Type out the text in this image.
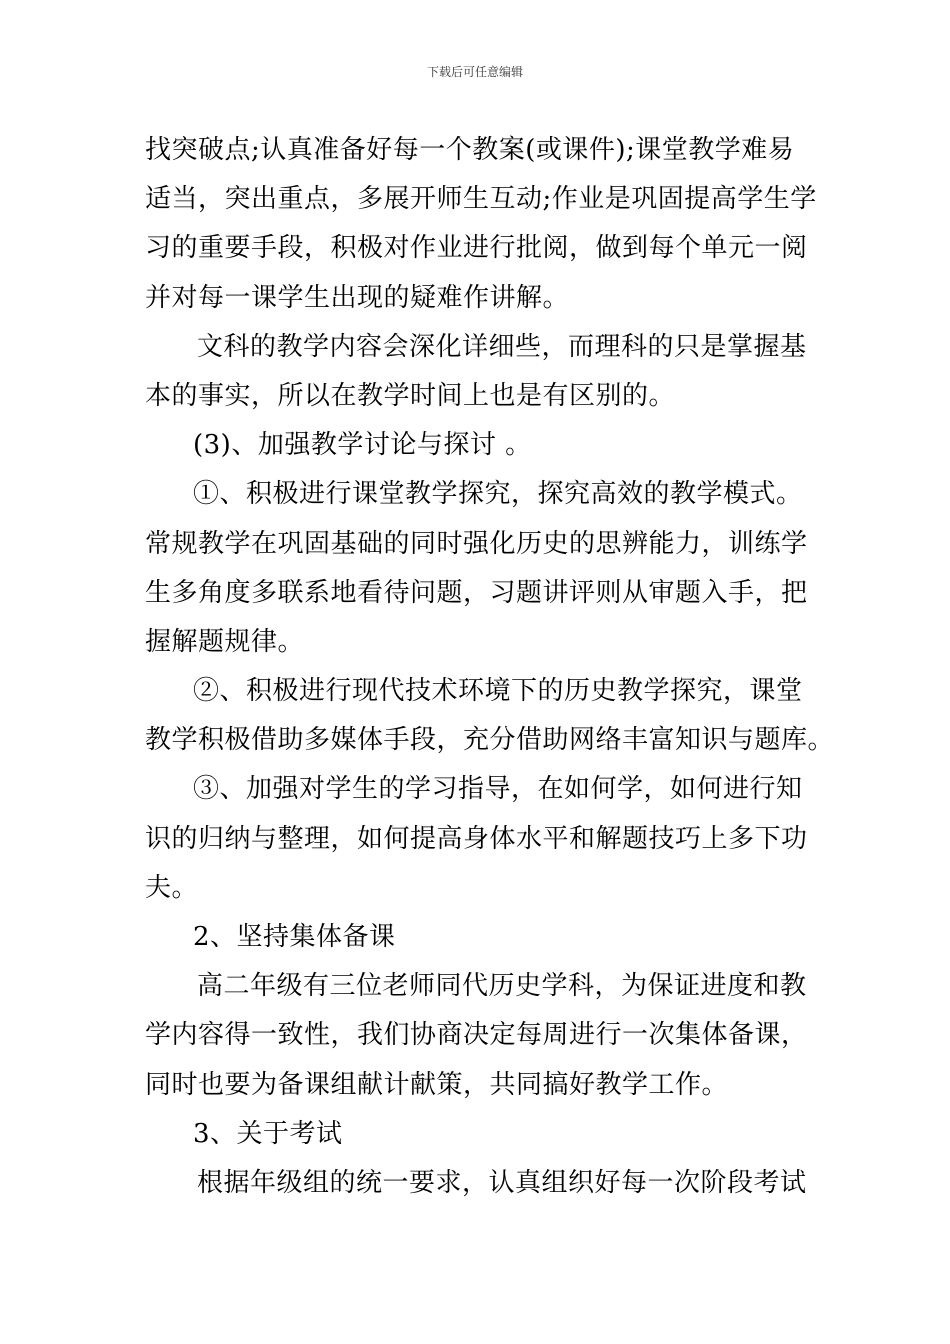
下载后可任意编辑
找突破点;认真准备好每一个教案(或课件);课堂教学难易
适当，突出重点，多展开师生互动;作业是巩固提高学生学
习的重要手段，积极对作业进行批阅，做到每个单元一阅
并对每一课学生出现的疑难作讲解。
文科的教学内容会深化详细些，而理科的只是掌握基
本的事实，所以在教学时间上也是有区别的。
(3)、加强教学讨论与探讨 。
①、积极进行课堂教学探究，探究高效的教学模式。
常规教学在巩固基础的同时强化历史的思辨能力，训练学
生多角度多联系地看待问题，习题讲评则从审题入手，把
握解题规律。
②、积极进行现代技术环境下的历史教学探究，课堂
教学积极借助多媒体手段，充分借助网络丰富知识与题库。
③、加强对学生的学习指导，在如何学，如何进行知
识的归纳与整理，如何提高身体水平和解题技巧上多下功
夫。
2、坚持集体备课
高二年级有三位老师同代历史学科，为保证进度和教
学内容得一致性，我们协商决定每周进行一次集体备课，
同时也要为备课组献计献策，共同搞好教学工作。
3、关于考试
根据年级组的统一要求，认真组织好每一次阶段考试
